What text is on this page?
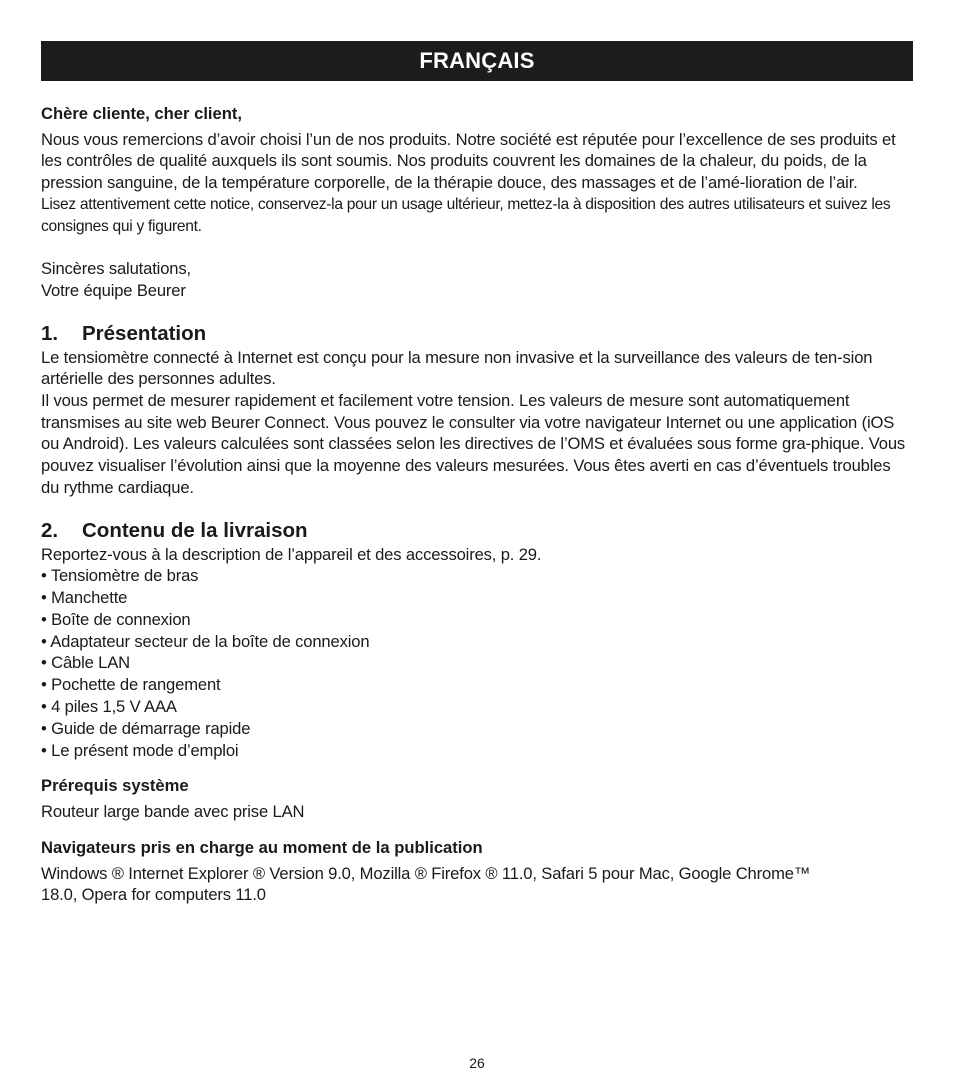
FRANÇAIS

Chère cliente, cher client,

Nous vous remercions d’avoir choisi l’un de nos produits. Notre société est réputée pour l’excellence de ses produits et les contrôles de qualité auxquels ils sont soumis. Nos produits couvrent les domaines de la chaleur, du poids, de la pression sanguine, de la température corporelle, de la thérapie douce, des massages et de l’amé-lioration de l’air.

Lisez attentivement cette notice, conservez-la pour un usage ultérieur, mettez-la à disposition des autres utilisateurs et suivez les consignes qui y figurent.

Sincères salutations,

Votre équipe Beurer

1.	Présentation

Le tensiomètre connecté à Internet est conçu pour la mesure non invasive et la surveillance des valeurs de ten-sion artérielle des personnes adultes.

Il vous permet de mesurer rapidement et facilement votre tension. Les valeurs de mesure sont automatiquement transmises au site web Beurer Connect. Vous pouvez le consulter via votre navigateur Internet ou une application (iOS ou Android). Les valeurs calculées sont classées selon les directives de l’OMS et évaluées sous forme gra-phique. Vous pouvez visualiser l’évolution ainsi que la moyenne des valeurs mesurées. Vous êtes averti en cas d’éventuels troubles du rythme cardiaque.

2.	Contenu de la livraison

Reportez-vous à la description de l’appareil et des accessoires, p. 29.

• Tensiomètre de bras
• Manchette
• Boîte de connexion
• Adaptateur secteur de la boîte de connexion
• Câble LAN
• Pochette de rangement
• 4 piles 1,5 V AAA
• Guide de démarrage rapide
• Le présent mode d’emploi

Prérequis système

Routeur large bande avec prise LAN

Navigateurs pris en charge au moment de la publication

Windows ® Internet Explorer ® Version 9.0, Mozilla ® Firefox ® 11.0, Safari 5 pour Mac, Google Chrome™

18.0, Opera for computers 11.0

26
